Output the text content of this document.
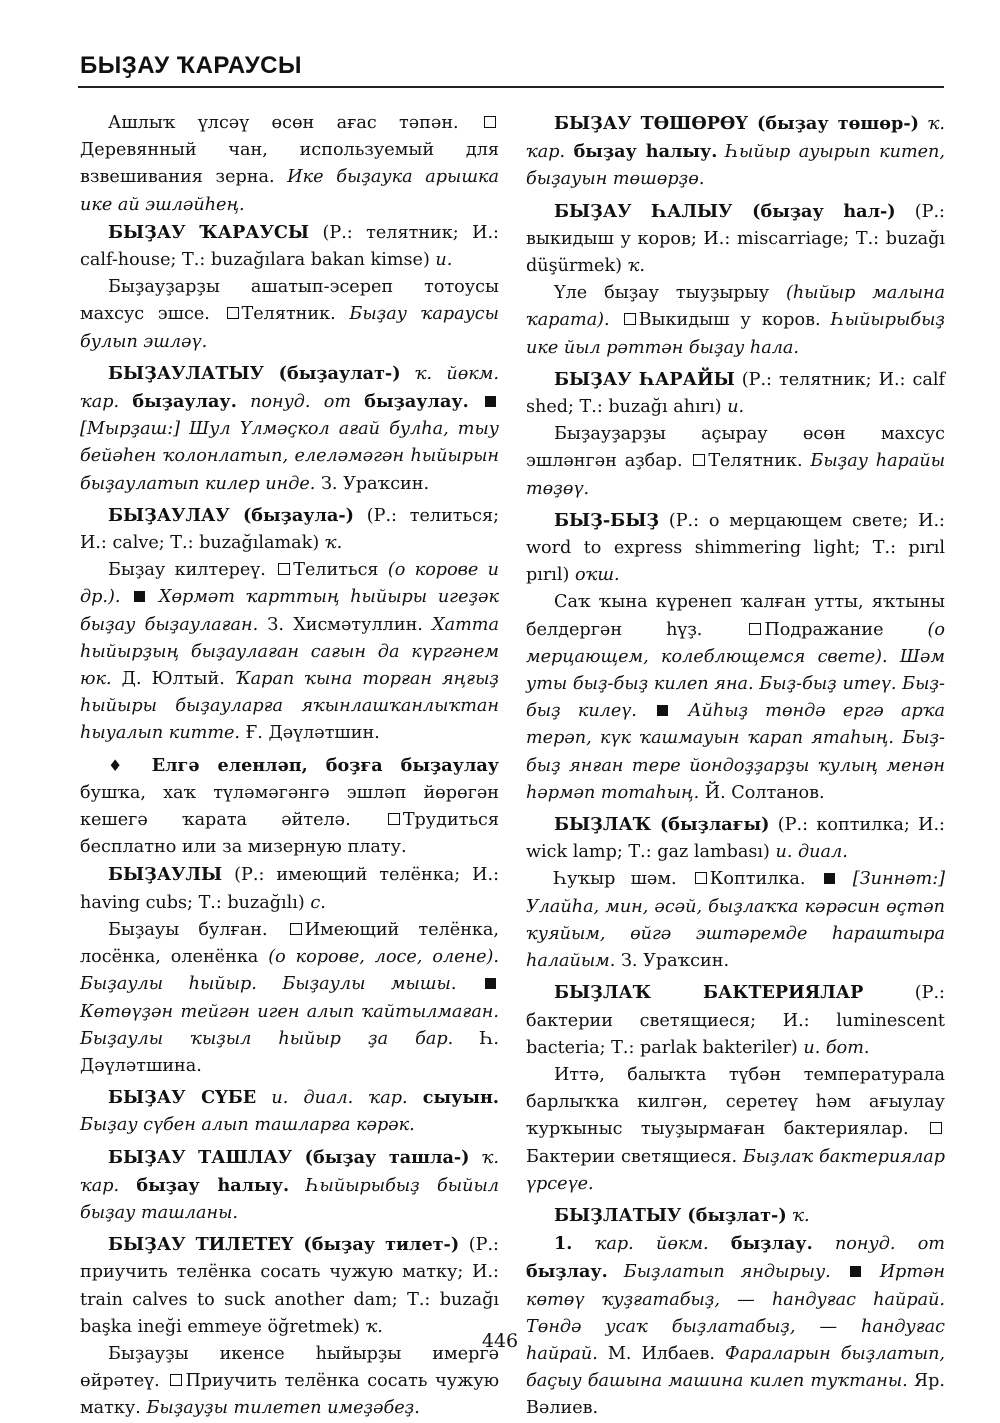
БЫҘАУ ҠАРАУСЫ

Ашлыҡ үлсәү өсөн ағас тәпән. Деревянный чан, используемый для взвешивания зерна. Ике быҙаука арышка ике ай эшләйһең.

БЫҘАУ ҠАРАУСЫ (Р.: телятник; И.: calf-house; Т.: buzağılara bakan kimse) и.

Быҙауҙарҙы ашатып-эсереп тотоусы махсус эшсе. Телятник. Быҙау ҡараусы булып эшләү.

БЫҘАУЛАТЫУ (быҙаулат-) ҡ. йөкм. ҡар. быҙаулау. понуд. от быҙаулау.  [Мырҙаш:] Шул Үлмәҫкол ағай булһа, тыу бейәһен ҡолонлатып, елеләмәгән һыйырын быҙаулатып килер инде. З. Ураҡсин.

БЫҘАУЛАУ (быҙаула-) (Р.: телиться; И.: calve; Т.: buzağılamak) ҡ.

Быҙау килтереү. Телиться (о корове и др.).  Хөрмәт ҡарттың һыйыры игеҙәк быҙау быҙаулаған. З. Хисмәтуллин. Хатта һыйырҙың быҙаулаған сағын да күргәнем юк. Д. Юлтый. Ҡарап ҡына торған яңғыҙ һыйыры быҙауларға яҡынлашҡанлыҡтан һыуалып китте. Ғ. Дәүләтшин.

♦ Елгә еленләп, боҙға быҙаулау бушҡа, хаҡ түләмәгәнгә эшләп йөрөгән кешегә ҡарата әйтелә.	Трудиться бесплатно или за мизерную плату.

БЫҘАУЛЫ (Р.: имеющий телёнка; И.: having cubs; Т.: buzağılı) с.

Быҙауы булған. Имеющий телёнка, лосёнка, оленёнка (о корове, лосе, олене). Быҙаулы һыйыр. Быҙаулы мышы.  Көтөүҙән тейгән иген алып ҡайтылмаған. Быҙаулы ҡыҙыл һыйыр ҙа бар. Һ. Дәүләтшина.

БЫҘАУ СҮБЕ и. диал. ҡар. сыуын. Быҙау сүбен алып ташларға кәрәк.

БЫҘАУ ТАШЛАУ (быҙау ташла-) ҡ. ҡар. быҙау һалыу. Һыйырыбыҙ быйыл быҙау ташланы.

БЫҘАУ ТИЛЕТЕҮ (быҙау тилет-) (Р.: приучить телёнка сосать чужую матку; И.: train calves to suck another dam; Т.: buzağı başka ineği emmeye öğretmek) ҡ.

Быҙауҙы икенсе һыйырҙы имергә өйрәтеү. Приучить телёнка сосать чужую матку. Быҙауҙы тилетеп имеҙәбеҙ.

БЫҘАУ ТӨШӨРӨҮ (быҙау төшөр-) ҡ. ҡар. быҙау һалыу. Һыйыр ауырып китеп, быҙауын төшөрҙө.

БЫҘАУ ҺАЛЫУ (быҙау һал-) (Р.: выкидыш у коров; И.: miscarriage; Т.: buzağı düşürmek) ҡ.

Үле быҙау тыуҙырыу (һыйыр малына ҡарата). Выкидыш у коров. Һыйырыбыҙ ике йыл рәттән быҙау һала.

БЫҘАУ ҺАРАЙЫ (Р.: телятник; И.: calf shed; Т.: buzağı ahırı) и.

Быҙауҙарҙы аҫырау өсөн махсус эшләнгән аҙбар. Телятник. Быҙау һарайы төҙөү.

БЫҘ-БЫҘ (Р.: о мерцающем свете; И.: word to express shimmering light; Т.: pırıl pırıl) оҡш.

Саҡ ҡына күренеп ҡалған утты, яҡтыны белдергән һүҙ.	Подражание (о мерцающем, колеблющемся свете). Шәм уты быҙ-быҙ килеп яна. Быҙ-быҙ итеү. Быҙ-быҙ килеү.  Айһыҙ төндә ергә арҡа терәп, күк ҡашмауын ҡарап ятаһың. Быҙ-быҙ янған тере йондоҙҙарҙы ҡулың менән һәрмәп тотаһың. Й. Солтанов.

БЫҘЛАҠ (быҙлағы) (Р.: коптилка; И.: wick lamp; Т.: gaz lambası) и. диал.

Һуҡыр шәм. Коптилка.  [Зиннәт:] Улайһа, мин, әсәй, быҙлаҡҡа кәрәсин өҫтәп ҡуяйым, өйгә эштәремде һараштыра һалайым. З. Ураҡсин.

БЫҘЛАҠ БАКТЕРИЯЛАР (Р.: бактерии светящиеся; И.: luminescent bacteria; Т.: parlak bakteriler) и. бот.

Иттә, балыҡта түбән температурала барлыҡҡа килгән, серетеү һәм ағыулау ҡурҡыныс тыуҙырмаған бактериялар. Бактерии светящиеся. Быҙлаҡ бактериялар үрсеүе.

БЫҘЛАТЫУ (быҙлат-) ҡ.

1. ҡар. йөкм. быҙлау. понуд. от быҙлау. Быҙлатып яндырыу.  Иртән көтөү ҡуҙғатабыҙ, — һандуғас һайрай. Төндә усаҡ быҙлатабыҙ, — һандуғас һайрай. М. Илбаев. Фараларын быҙлатып, баҫыу башына машина килеп туҡтаны. Яр. Вәлиев.

446
